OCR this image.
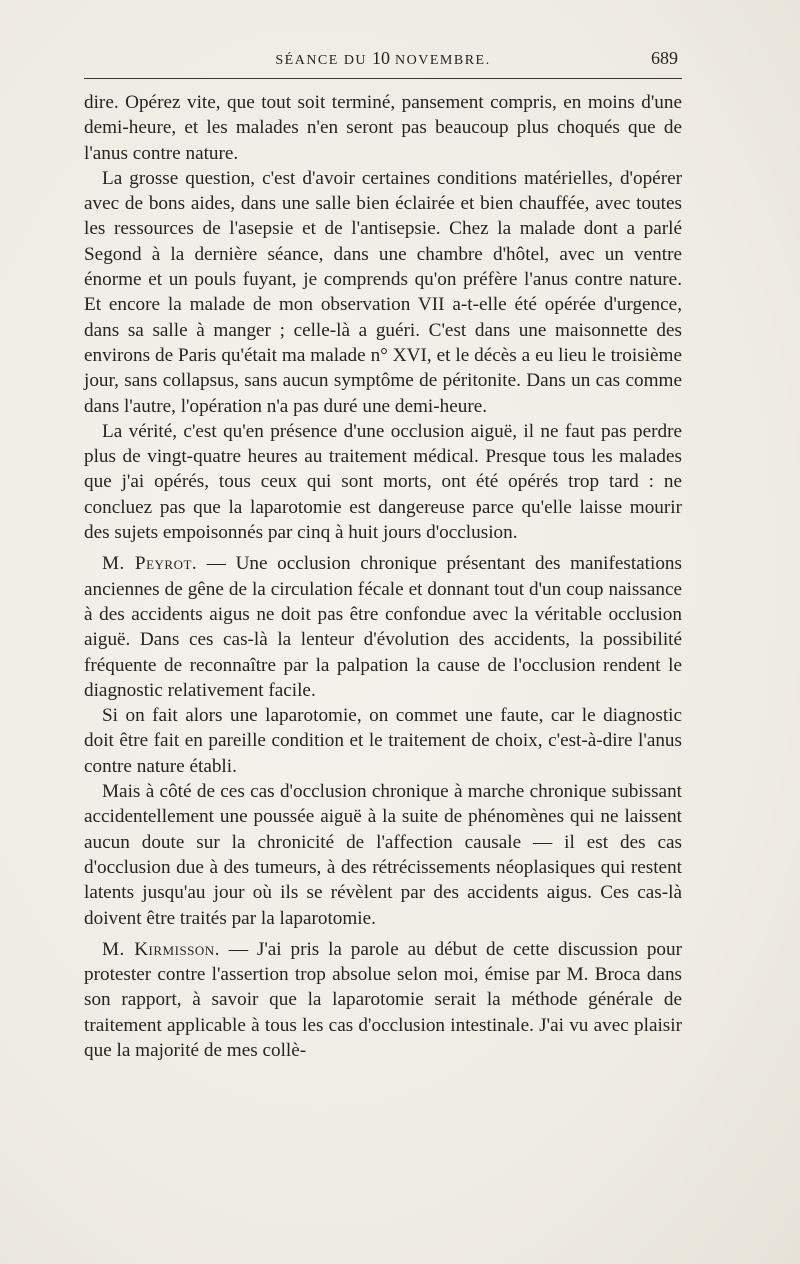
SÉANCE DU 10 NOVEMBRE.	689

dire. Opérez vite, que tout soit terminé, pansement compris, en moins d'une demi-heure, et les malades n'en seront pas beaucoup plus choqués que de l'anus contre nature.

La grosse question, c'est d'avoir certaines conditions matérielles, d'opérer avec de bons aides, dans une salle bien éclairée et bien chauffée, avec toutes les ressources de l'asepsie et de l'antisepsie. Chez la malade dont a parlé Segond à la dernière séance, dans une chambre d'hôtel, avec un ventre énorme et un pouls fuyant, je comprends qu'on préfère l'anus contre nature. Et encore la malade de mon observation VII a-t-elle été opérée d'urgence, dans sa salle à manger ; celle-là a guéri. C'est dans une maisonnette des environs de Paris qu'était ma malade n° XVI, et le décès a eu lieu le troisième jour, sans collapsus, sans aucun symptôme de péritonite. Dans un cas comme dans l'autre, l'opération n'a pas duré une demi-heure.

La vérité, c'est qu'en présence d'une occlusion aiguë, il ne faut pas perdre plus de vingt-quatre heures au traitement médical. Presque tous les malades que j'ai opérés, tous ceux qui sont morts, ont été opérés trop tard : ne concluez pas que la laparotomie est dangereuse parce qu'elle laisse mourir des sujets empoisonnés par cinq à huit jours d'occlusion.

M. Peyrot. — Une occlusion chronique présentant des manifestations anciennes de gêne de la circulation fécale et donnant tout d'un coup naissance à des accidents aigus ne doit pas être confondue avec la véritable occlusion aiguë. Dans ces cas-là la lenteur d'évolution des accidents, la possibilité fréquente de reconnaître par la palpation la cause de l'occlusion rendent le diagnostic relativement facile.

Si on fait alors une laparotomie, on commet une faute, car le diagnostic doit être fait en pareille condition et le traitement de choix, c'est-à-dire l'anus contre nature établi.

Mais à côté de ces cas d'occlusion chronique à marche chronique subissant accidentellement une poussée aiguë à la suite de phénomènes qui ne laissent aucun doute sur la chronicité de l'affection causale — il est des cas d'occlusion due à des tumeurs, à des rétrécissements néoplasiques qui restent latents jusqu'au jour où ils se révèlent par des accidents aigus. Ces cas-là doivent être traités par la laparotomie.

M. Kirmisson. — J'ai pris la parole au début de cette discussion pour protester contre l'assertion trop absolue selon moi, émise par M. Broca dans son rapport, à savoir que la laparotomie serait la méthode générale de traitement applicable à tous les cas d'occlusion intestinale. J'ai vu avec plaisir que la majorité de mes collè-
